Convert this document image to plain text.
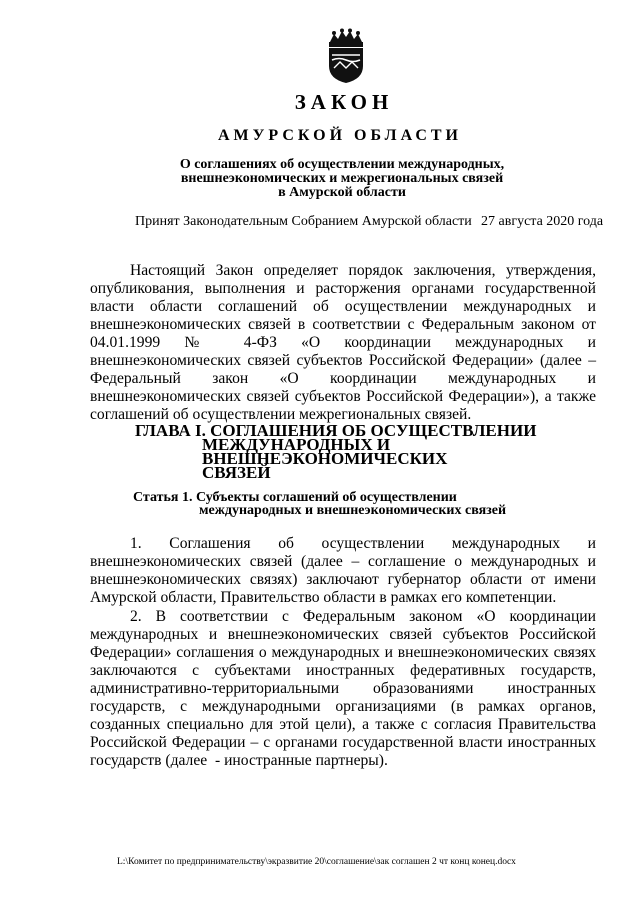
ЗАКОН
АМУРСКОЙ ОБЛАСТИ
О соглашениях об осуществлении международных,
внешнеэкономических и межрегиональных связей
в Амурской области
Принят Законодательным Собранием Амурской области 27 августа 2020 года

Настоящий Закон определяет порядок заключения, утверждения, опубликования, выполнения и расторжения органами государственной власти области соглашений об осуществлении международных и внешнеэкономических связей в соответствии с Федеральным законом от 04.01.1999 № 4-ФЗ «О координации международных и внешнеэкономических связей субъектов Российской Федерации» (далее – Федеральный закон «О координации международных и внешнеэкономических связей субъектов Российской Федерации»), а также соглашений об осуществлении межрегиональных связей.

ГЛАВА I. СОГЛАШЕНИЯ ОБ ОСУЩЕСТВЛЕНИИ
МЕЖДУНАРОДНЫХ И
ВНЕШНЕЭКОНОМИЧЕСКИХ
СВЯЗЕЙ
Статья 1. Субъекты соглашений об осуществлении
международных и внешнеэкономических связей

1.    Соглашения    об    осуществлении    международных    и внешнеэкономических связей (далее – соглашение о международных и внешнеэкономических связях) заключают губернатор области от имени Амурской области, Правительство области в рамках его компетенции.

2. В соответствии с Федеральным законом «О координации международных и внешнеэкономических связей субъектов Российской Федерации» соглашения о международных и внешнеэкономических связях заключаются с субъектами иностранных федеративных государств, административно-территориальными образованиями иностранных государств, с международными организациями (в рамках органов, созданных специально для этой цели), а также с согласия Правительства Российской Федерации – с органами государственной власти иностранных государств (далее  - иностранные партнеры).

L:\Комитет по предпринимательству\экразвитие 20\соглашение\зак соглашен 2 чт конц конец.docx
